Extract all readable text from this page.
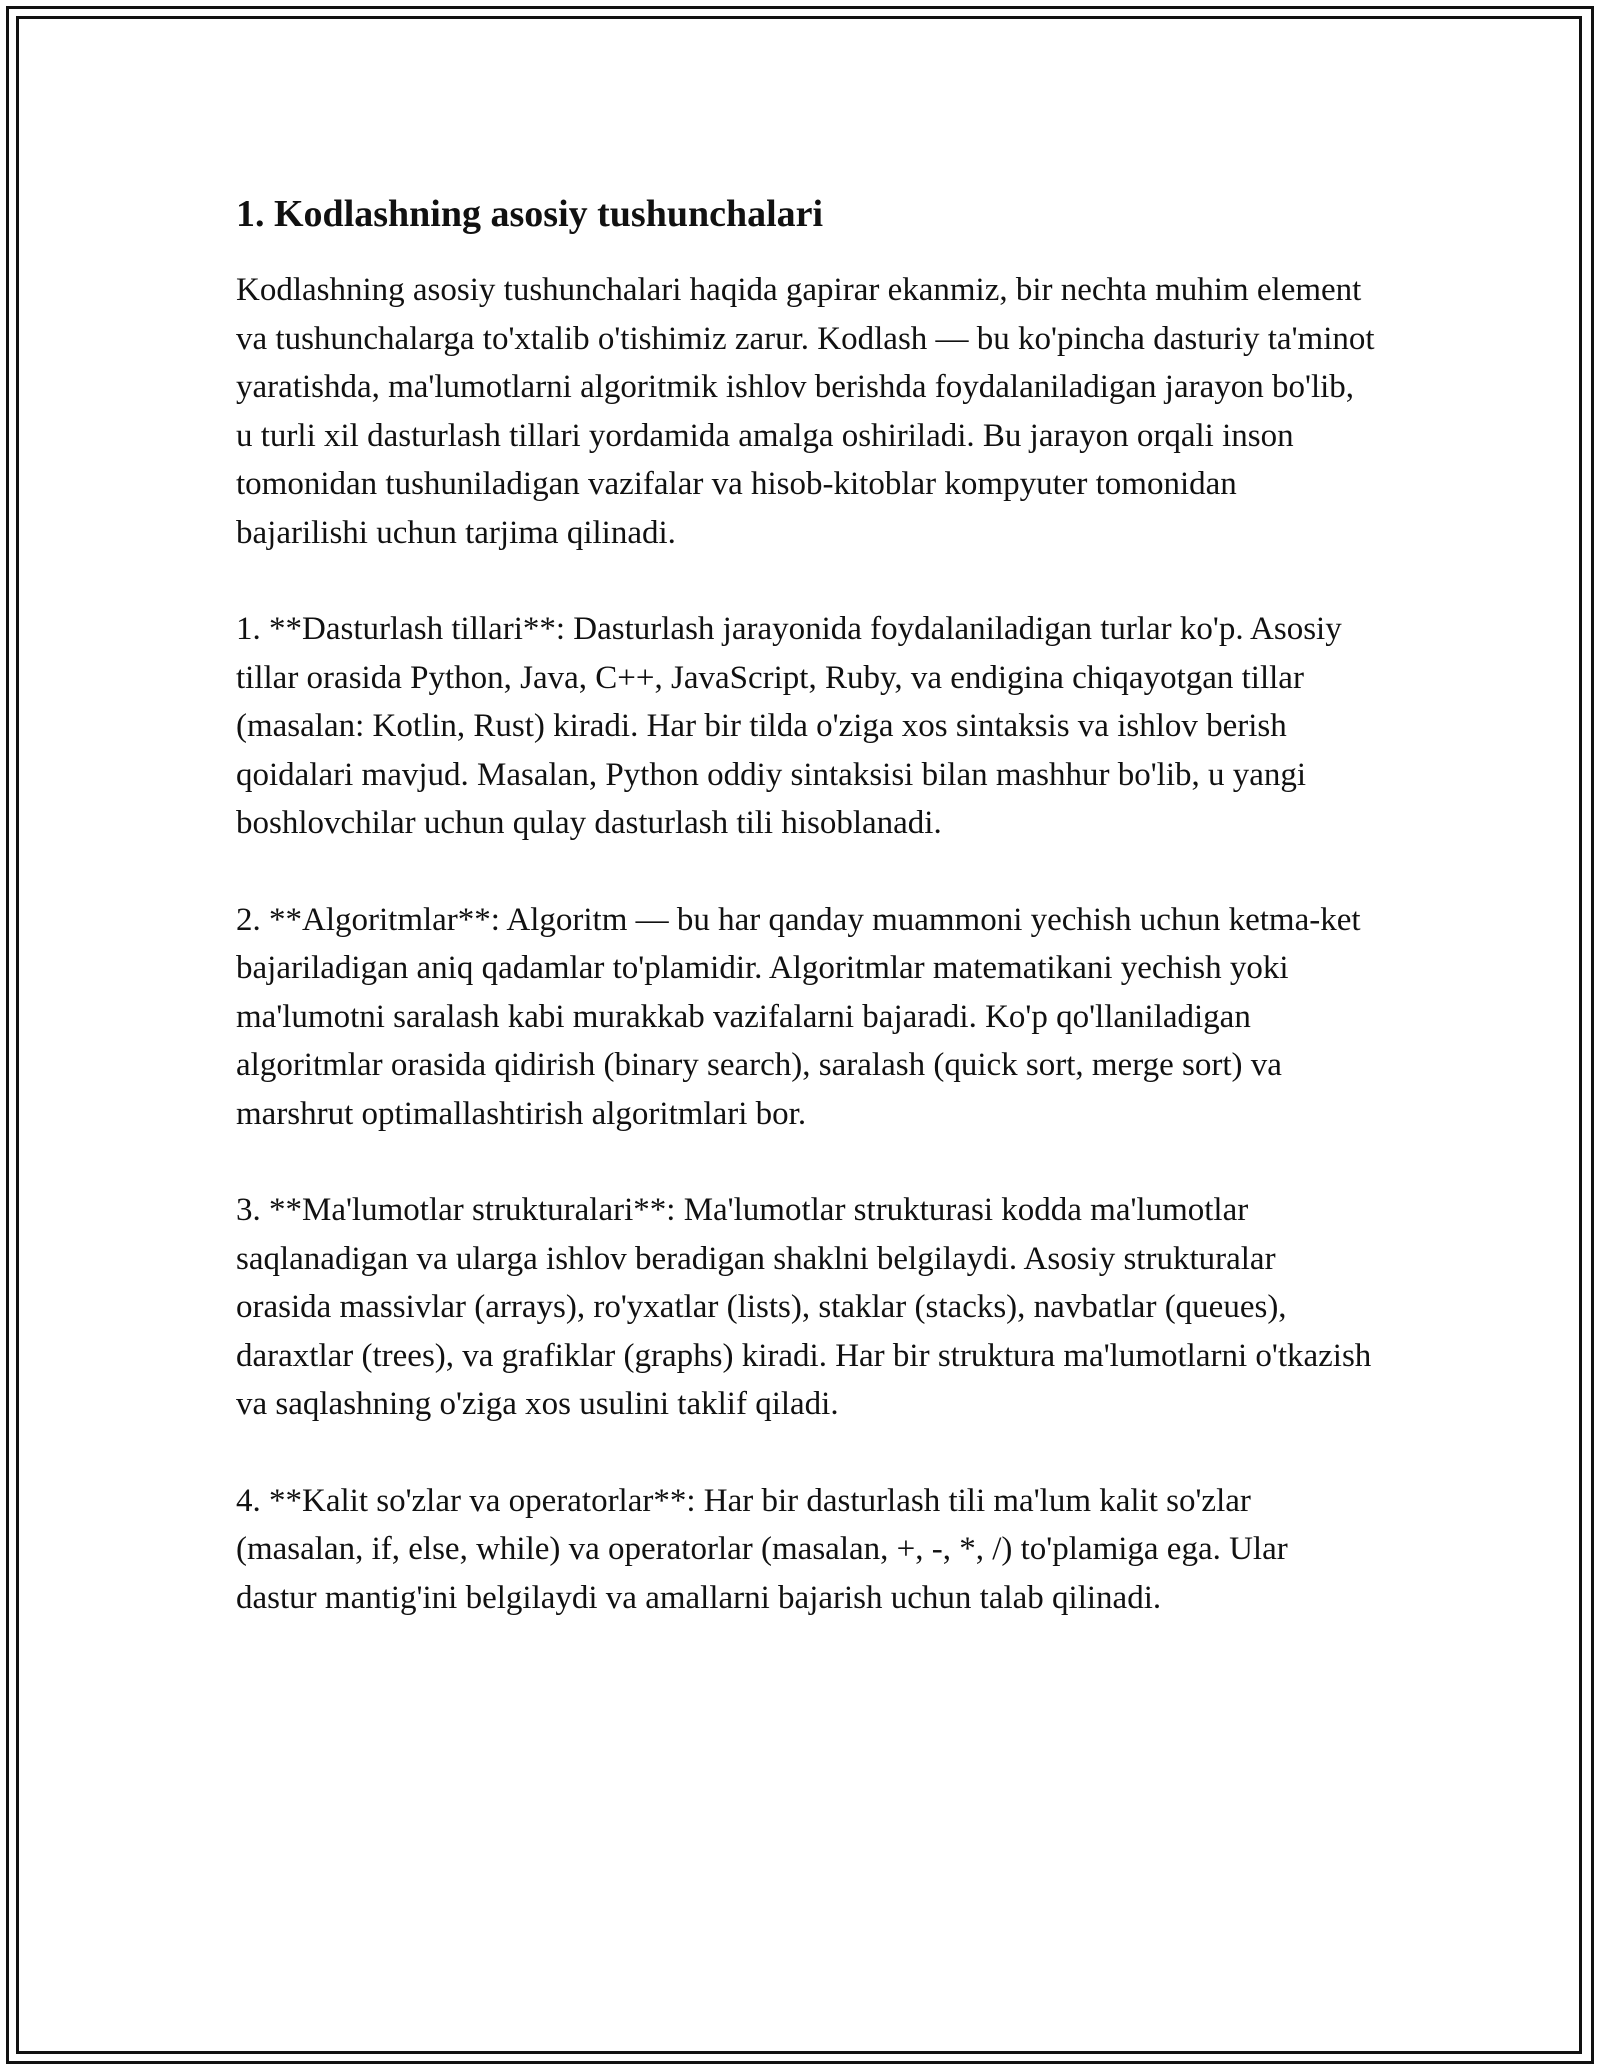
1. Kodlashning asosiy tushunchalari

Kodlashning asosiy tushunchalari haqida gapirar ekanmiz, bir nechta muhim element va tushunchalarga to'xtalib o'tishimiz zarur. Kodlash — bu ko'pincha dasturiy ta'minot yaratishda, ma'lumotlarni algoritmik ishlov berishda foydalaniladigan jarayon bo'lib, u turli xil dasturlash tillari yordamida amalga oshiriladi. Bu jarayon orqali inson tomonidan tushuniladigan vazifalar va hisob-kitoblar kompyuter tomonidan bajarilishi uchun tarjima qilinadi.

1. **Dasturlash tillari**: Dasturlash jarayonida foydalaniladigan turlar ko'p. Asosiy tillar orasida Python, Java, C++, JavaScript, Ruby, va endigina chiqayotgan tillar (masalan: Kotlin, Rust) kiradi. Har bir tilda o'ziga xos sintaksis va ishlov berish qoidalari mavjud. Masalan, Python oddiy sintaksisi bilan mashhur bo'lib, u yangi boshlovchilar uchun qulay dasturlash tili hisoblanadi.

2. **Algoritmlar**: Algoritm — bu har qanday muammoni yechish uchun ketma-ket bajariladigan aniq qadamlar to'plamidir. Algoritmlar matematikani yechish yoki ma'lumotni saralash kabi murakkab vazifalarni bajaradi. Ko'p qo'llaniladigan algoritmlar orasida qidirish (binary search), saralash (quick sort, merge sort) va marshrut optimallashtirish algoritmlari bor.

3. **Ma'lumotlar strukturalari**: Ma'lumotlar strukturasi kodda ma'lumotlar saqlanadigan va ularga ishlov beradigan shaklni belgilaydi. Asosiy strukturalar orasida massivlar (arrays), ro'yxatlar (lists), staklar (stacks), navbatlar (queues), daraxtlar (trees), va grafiklar (graphs) kiradi. Har bir struktura ma'lumotlarni o'tkazish va saqlashning o'ziga xos usulini taklif qiladi.

4. **Kalit so'zlar va operatorlar**: Har bir dasturlash tili ma'lum kalit so'zlar (masalan, if, else, while) va operatorlar (masalan, +, -, *, /) to'plamiga ega. Ular dastur mantig'ini belgilaydi va amallarni bajarish uchun talab qilinadi.
